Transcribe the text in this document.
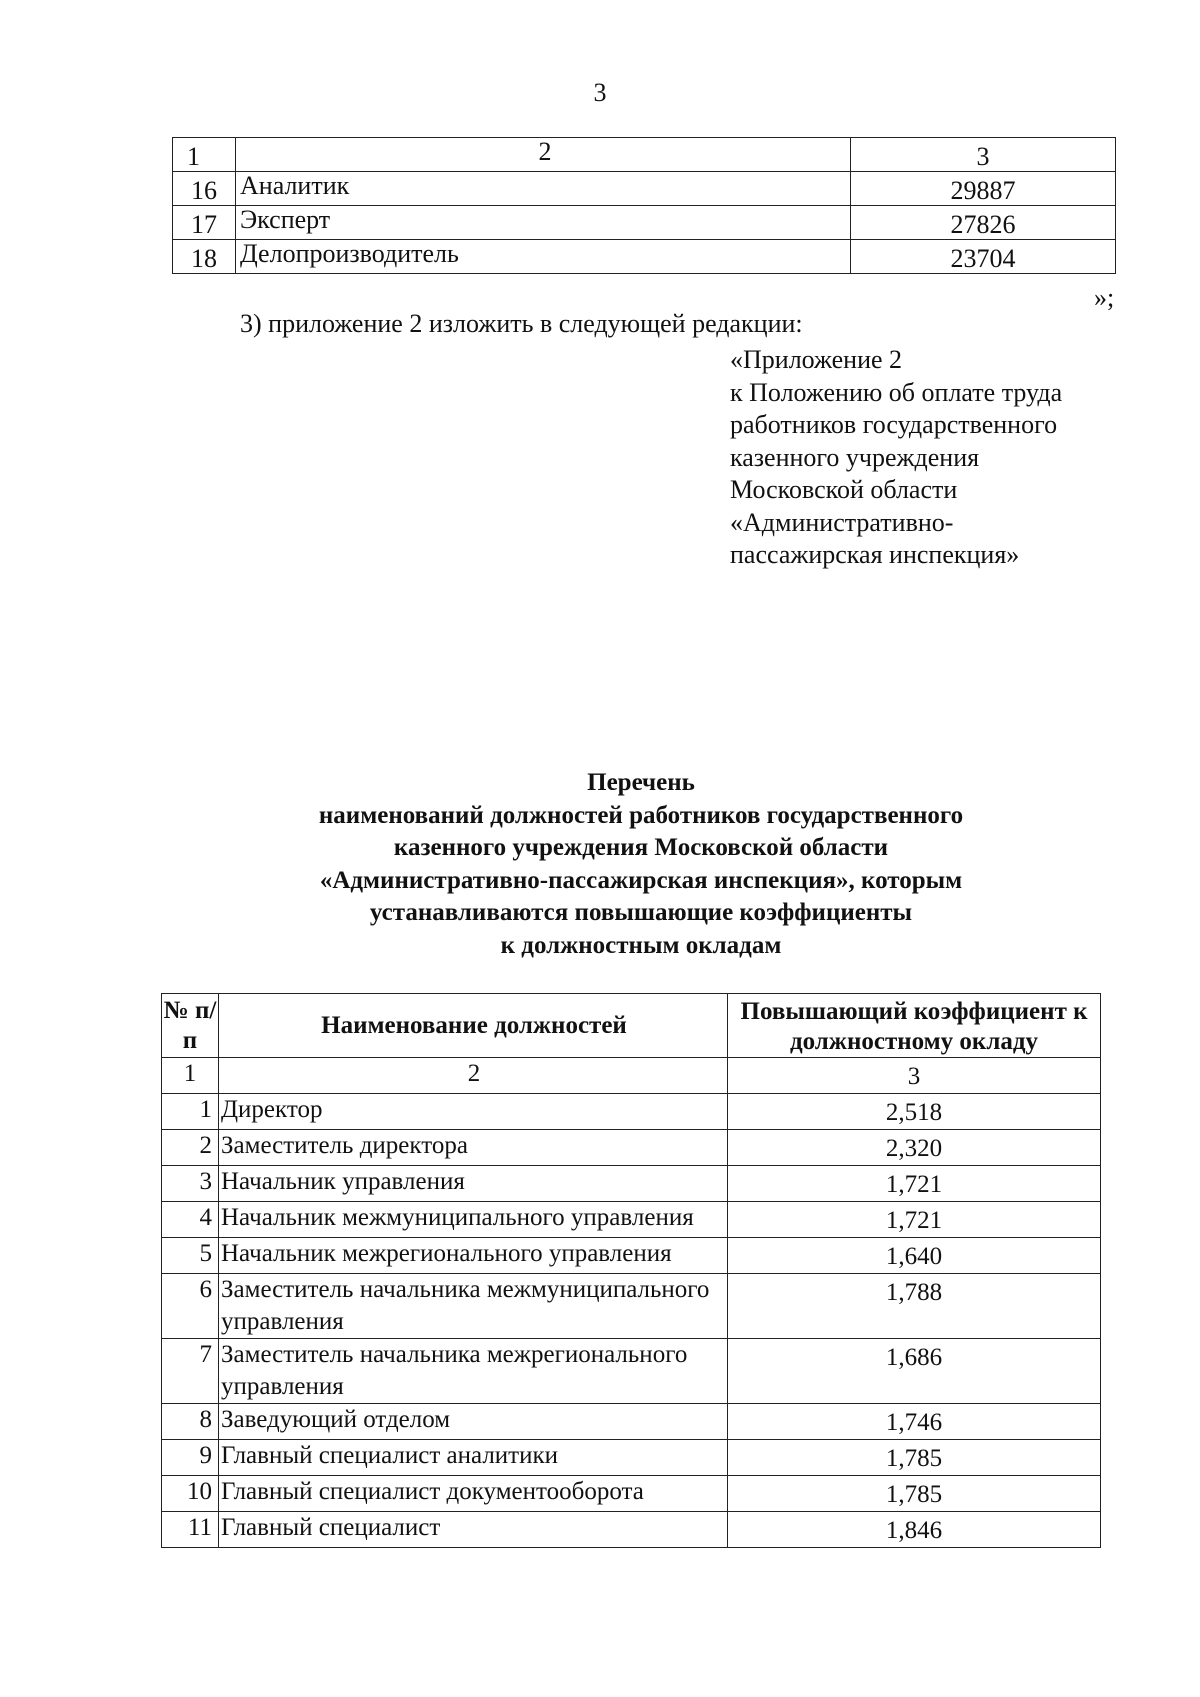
3
1	2	3
16	Аналитик	29887
17	Эксперт	27826
18	Делопроизводитель	23704
»;
3) приложение 2 изложить в следующей редакции:
«Приложение 2
к Положению об оплате труда
работников государственного
казенного учреждения
Московской области
«Административно-
пассажирская инспекция»
Перечень
наименований должностей работников государственного
казенного учреждения Московской области
«Административно-пассажирская инспекция», которым
устанавливаются повышающие коэффициенты
к должностным окладам
№ п/п	Наименование должностей	Повышающий коэффициент к должностному окладу
1	2	3
1	Директор	2,518
2	Заместитель директора	2,320
3	Начальник управления	1,721
4	Начальник межмуниципального управления	1,721
5	Начальник межрегионального управления	1,640
6	Заместитель начальника межмуниципального управления	1,788
7	Заместитель начальника межрегионального управления	1,686
8	Заведующий отделом	1,746
9	Главный специалист аналитики	1,785
10	Главный специалист документооборота	1,785
11	Главный специалист	1,846
